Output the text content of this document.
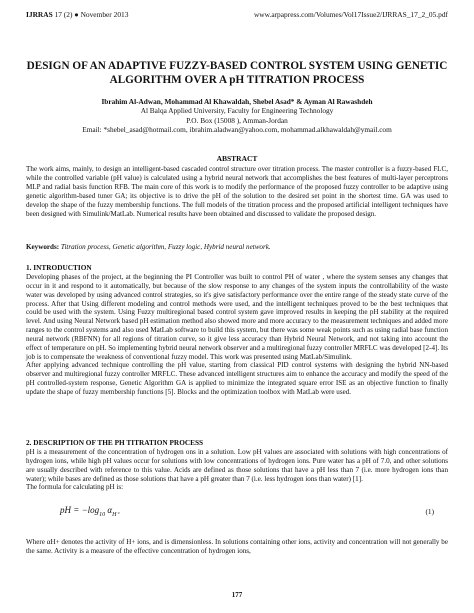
IJRRAS 17 (2) ● November 2013	www.arpapress.com/Volumes/Vol17Issue2/IJRRAS_17_2_05.pdf
DESIGN OF AN ADAPTIVE FUZZY-BASED CONTROL SYSTEM USING GENETIC ALGORITHM OVER A pH TITRATION PROCESS

Ibrahim Al-Adwan, Mohammad Al Khawaldah, Shebel Asad* & Ayman Al Rawashdeh

Al Balqa Applied University, Faculty for Engineering Technology

P.O. Box (15008 ), Amman-Jordan

Email: *shebel_asad@hotmail.com, ibrahim.aladwan@yahoo.com, mohammad.alkhawaldah@ymail.com

ABSTRACT

The work aims, mainly, to design an intelligent-based cascaded control structure over titration process. The master controller is a fuzzy-based FLC, while the controlled variable (pH value) is calculated using a hybrid neural network that accomplishes the best features of multi-layer perceptrons MLP and radial basis function RFB. The main core of this work is to modify the performance of the proposed fuzzy controller to be adaptive using genetic algorithm-based tuner GA; its objective is to drive the pH of the solution to the desired set point in the shortest time. GA was used to develop the shape of the fuzzy membership functions. The full models of the titration process and the proposed artificial intelligent techniques have been designed with Simulink/MatLab. Numerical results have been obtained and discussed to validate the proposed design.

Keywords: Titration process, Genetic algorithm, Fuzzy logic, Hybrid neural network.
1. INTRODUCTION

Developing phases of the project, at the beginning the PI Controller was built to control PH of water , where the system senses any changes that occur in it and respond to it automatically, but because of the slow response to any changes of the system inputs the controllability of the waste water was developed by using advanced control strategies, so it's give satisfactory performance over the entire range of the steady state curve of the process. After that Using different modeling and control methods were used, and the intelligent techniques proved to be the best techniques that could be used with the system. Using Fuzzy multiregional based control system gave improved results in keeping the pH stability at the required level. And using Neural Network based pH estimation method also showed more and more accuracy to the measurement techniques and added more ranges to the control systems and also used MatLab software to build this system, but there was some weak points such as using radial base function neural network (RBFNN) for all regions of titration curve, so it give less accuracy than Hybrid Neural Network, and not taking into account the effect of temperature on pH. So implementing hybrid neural network observer and a multiregional fuzzy controller MRFLC was developed [2-4]. Its job is to compensate the weakness of conventional fuzzy model. This work was presented using MatLab/Simulink.

After applying advanced technique controlling the pH value, starting from classical PID control systems with designing the hybrid NN-based observer and multiregional fuzzy controller MRFLC. These advanced intelligent structures aim to enhance the accuracy and modify the speed of the pH controlled-system response, Genetic Algorithm GA is applied to minimize the integrated square error ISE as an objective function to finally update the shape of fuzzy membership functions [5]. Blocks and the optimization toolbox with MatLab were used.

2. DESCRIPTION OF THE PH TITRATION PROCESS

pH is a measurement of the concentration of hydrogen ons in a solution. Low pH values are associated with solutions with high concentrations of hydrogen ions, while high pH values occur for solutions with low concentrations of hydrogen ions. Pure water has a pH of 7.0, and other solutions are usually described with reference to this value. Acids are defined as those solutions that have a pH less than 7 (i.e. more hydrogen ions than water); while bases are defined as those solutions that have a pH greater than 7 (i.e. less hydrogen ions than water) [1].

The formula for calculating pH is:

pH = $-\log_{10}$ $\alpha_{H^+}$	(1)

Where αH+ denotes the activity of H+ ions, and is dimensionless. In solutions containing other ions, activity and concentration will not generally be the same. Activity is a measure of the effective concentration of hydrogen ions,

177
